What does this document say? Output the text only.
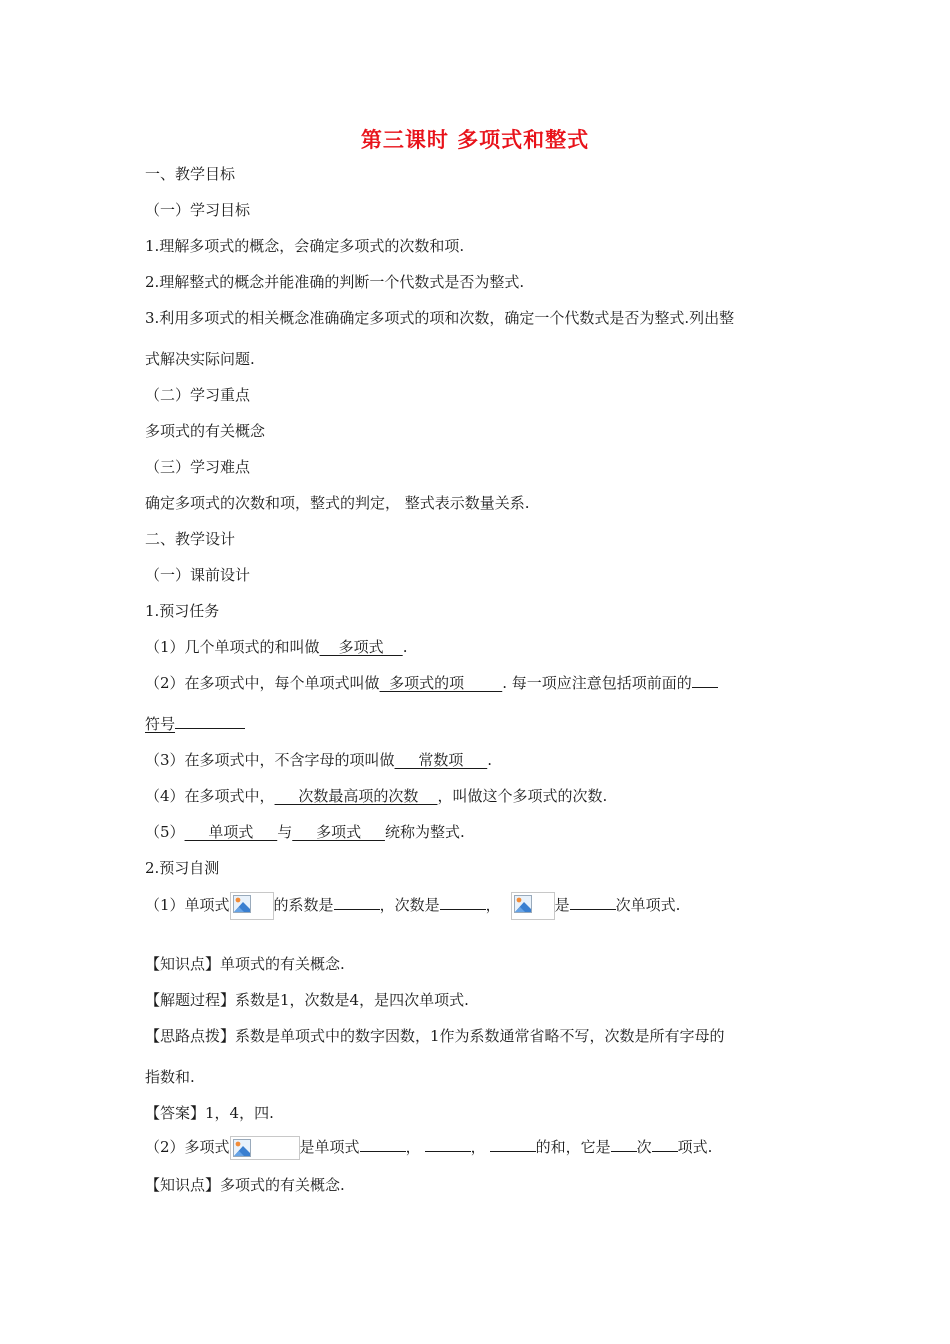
第三课时 多项式和整式
一、教学目标
（一）学习目标
1.理解多项式的概念，会确定多项式的次数和项.
2.理解整式的概念并能准确的判断一个代数式是否为整式.
3.利用多项式的相关概念准确确定多项式的项和次数，确定一个代数式是否为整式.列出整
式解决实际问题.
（二）学习重点
多项式的有关概念
（三）学习难点
确定多项式的次数和项，整式的判定， 整式表示数量关系.
二、教学设计
（一）课前设计
1.预习任务
（1）几个单项式的和叫做    多项式    .
（2）在多项式中，每个单项式叫做  多项式的项        . 每一项应注意包括项前面的
符号
（3）在多项式中，不含字母的项叫做     常数项     .
（4）在多项式中，     次数最高项的次数    ，叫做这个多项式的次数.
（5）     单项式     与     多项式     统称为整式.
2.预习自测
（1）单项式	的系数是	，次数是	，	是	次单项式.
【知识点】单项式的有关概念.
【解题过程】系数是1，次数是4，是四次单项式.
【思路点拨】系数是单项式中的数字因数，1作为系数通常省略不写，次数是所有字母的
指数和.
【答案】1，4，四.
（2）多项式	是单项式	，	，	的和，它是 次 项式.
【知识点】多项式的有关概念.
